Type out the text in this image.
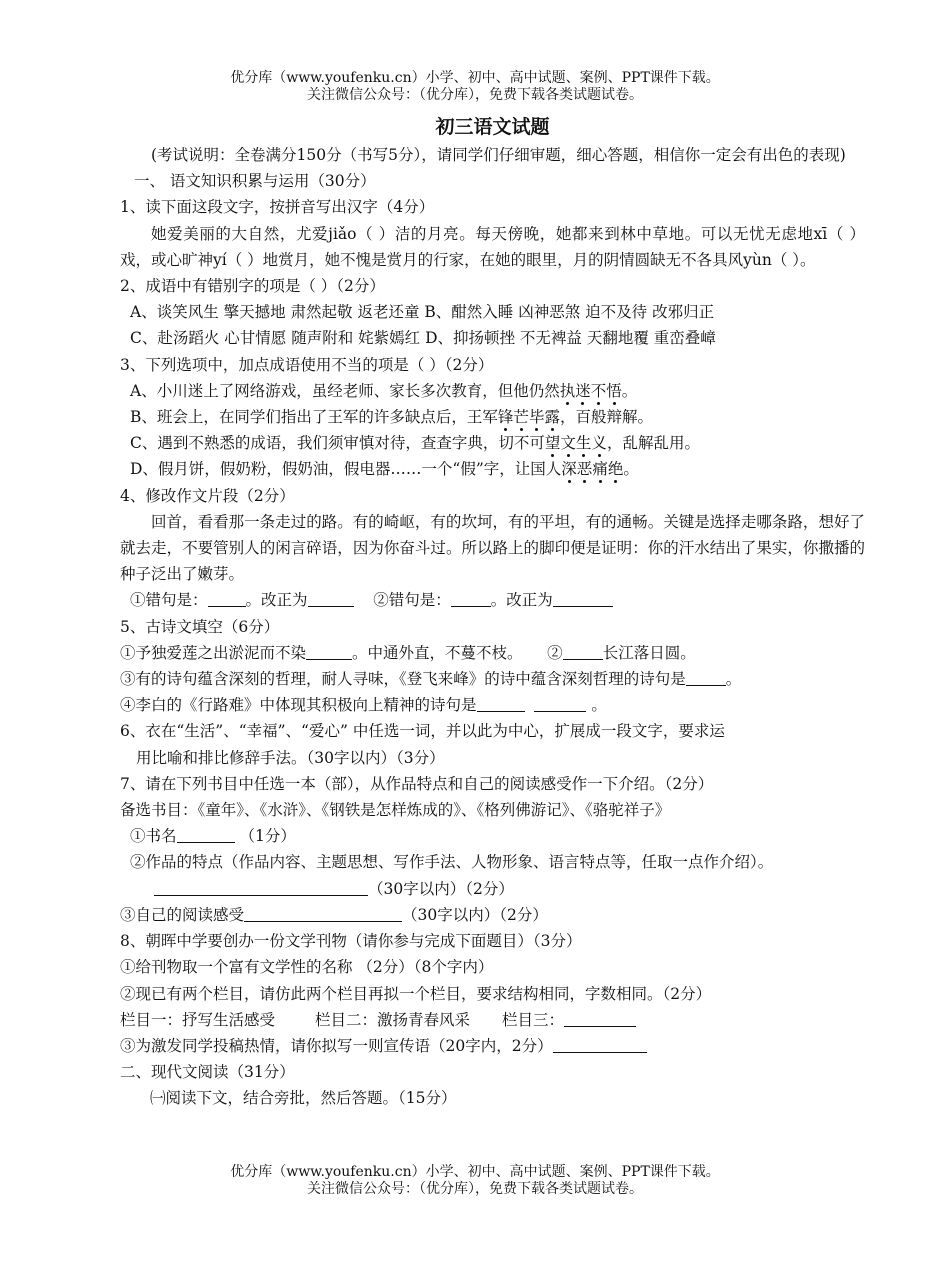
优分库（www.youfenku.cn）小学、初中、高中试题、案例、PPT课件下载。
关注微信公众号：（优分库），免费下载各类试题试卷。
初三语文试题
(考试说明：全卷满分150分（书写5分），请同学们仔细审题，细心答题，相信你一定会有出色的表现)
一、 语文知识积累与运用（30分）
1、读下面这段文字，按拼音写出汉字（4分）
她爱美丽的大自然，尤爱jiǎo（ ）洁的月亮。每天傍晚，她都来到林中草地。可以无忧无虑地xī（ ）戏，或心旷神yí（ ）地赏月，她不愧是赏月的行家，在她的眼里，月的阴情圆缺无不各具风yùn（ ）。
2、成语中有错别字的项是（ ）（2分）
A、谈笑风生 擎天撼地 肃然起敬 返老还童 B、酣然入睡 凶神恶煞 迫不及待 改邪归正
C、赴汤蹈火 心甘情愿 随声附和 姹紫嫣红 D、抑扬顿挫 不无裨益 天翻地覆 重峦叠嶂
3、下列选项中，加点成语使用不当的项是（ ）（2分）
A、小川迷上了网络游戏，虽经老师、家长多次教育，但他仍然执迷不悟。
B、班会上，在同学们指出了王军的许多缺点后，王军锋芒毕露，百般辩解。
C、遇到不熟悉的成语，我们须审慎对待，查查字典，切不可望文生义，乱解乱用。
D、假月饼，假奶粉，假奶油，假电器……一个“假”字，让国人深恶痛绝。
4、修改作文片段（2分）
回首，看看那一条走过的路。有的崎岖，有的坎坷，有的平坦，有的通畅。关键是选择走哪条路，想好了就去走，不要管别人的闲言碎语，因为你奋斗过。所以路上的脚印便是证明：你的汗水结出了果实，你撒播的种子泛出了嫩芽。
①错句是： 。改正为	②错句是：	。改正为
5、古诗文填空（6分）
①予独爱莲之出淤泥而不染	。中通外直，不蔓不枝。 ②	长江落日圆。
③有的诗句蕴含深刻的哲理，耐人寻味，《登飞来峰》的诗中蕴含深刻哲理的诗句是	。
④李白的《行路难》中体现其积极向上精神的诗句是	。
6、衣在“生活”、“幸福”、“爱心” 中任选一词，并以此为中心，扩展成一段文字，要求运
用比喻和排比修辞手法。（30字以内）（3分）
7、请在下列书目中任选一本（部），从作品特点和自己的阅读感受作一下介绍。（2分）
备选书目：《童年》、《水浒》、《钢铁是怎样炼成的》、《格列佛游记》、《骆驼祥子》
①书名	（1分）
②作品的特点（作品内容、主题思想、写作手法、人物形象、语言特点等，任取一点作介绍）。
（30字以内）（2分）
③自己的阅读感受	（30字以内）（2分）
8、朝晖中学要创办一份文学刊物（请你参与完成下面题目）（3分）
①给刊物取一个富有文学性的名称 （2分）（8个字内）
②现已有两个栏目，请仿此两个栏目再拟一个栏目，要求结构相同，字数相同。（2分）
栏目一：抒写生活感受	栏目二：激扬青春风采 栏目三：
③为激发同学投稿热情，请你拟写一则宣传语（20字内，2分）
二、现代文阅读（31分）
㈠阅读下文，结合旁批，然后答题。（15分）
优分库（www.youfenku.cn）小学、初中、高中试题、案例、PPT课件下载。
关注微信公众号：（优分库），免费下载各类试题试卷。
